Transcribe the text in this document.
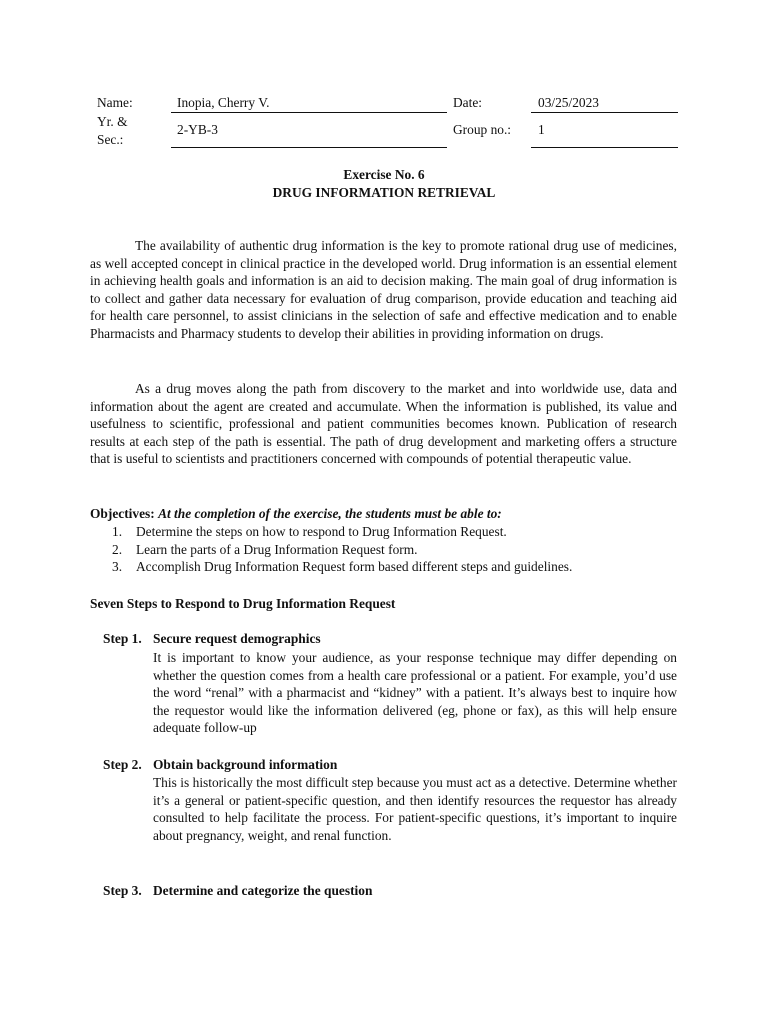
Name:	Inopia, Cherry V.	Date:	03/25/2023
Yr. &
Sec.:
2-YB-3	Group no.: 1
Exercise No. 6
DRUG INFORMATION RETRIEVAL

The availability of authentic drug information is the key to promote rational drug use of medicines, as well accepted concept in clinical practice in the developed world. Drug information is an essential element in achieving health goals and information is an aid to decision making. The main goal of drug information is to collect and gather data necessary for evaluation of drug comparison, provide education and teaching aid for health care personnel, to assist clinicians in the selection of safe and effective medication and to enable Pharmacists and Pharmacy students to develop their abilities in providing information on drugs.

As a drug moves along the path from discovery to the market and into worldwide use, data and information about the agent are created and accumulate. When the information is published, its value and usefulness to scientific, professional and patient communities becomes known. Publication of research results at each step of the path is essential. The path of drug development and marketing offers a structure that is useful to scientists and practitioners concerned with compounds of potential therapeutic value.

Objectives: At the completion of the exercise, the students must be able to:
1. Determine the steps on how to respond to Drug Information Request.
2. Learn the parts of a Drug Information Request form.
3. Accomplish Drug Information Request form based different steps and guidelines.
Seven Steps to Respond to Drug Information Request
Step 1. Secure request demographics

It is important to know your audience, as your response technique may differ depending on whether the question comes from a health care professional or a patient. For example, you’d use the word “renal” with a pharmacist and “kidney” with a patient. It’s always best to inquire how the requestor would like the information delivered (eg, phone or fax), as this will help ensure adequate follow-up

Step 2. Obtain background information

This is historically the most difficult step because you must act as a detective. Determine whether it’s a general or patient-specific question, and then identify resources the requestor has already consulted to help facilitate the process. For patient-specific questions, it’s important to inquire about pregnancy, weight, and renal function.

Step 3. Determine and categorize the question
